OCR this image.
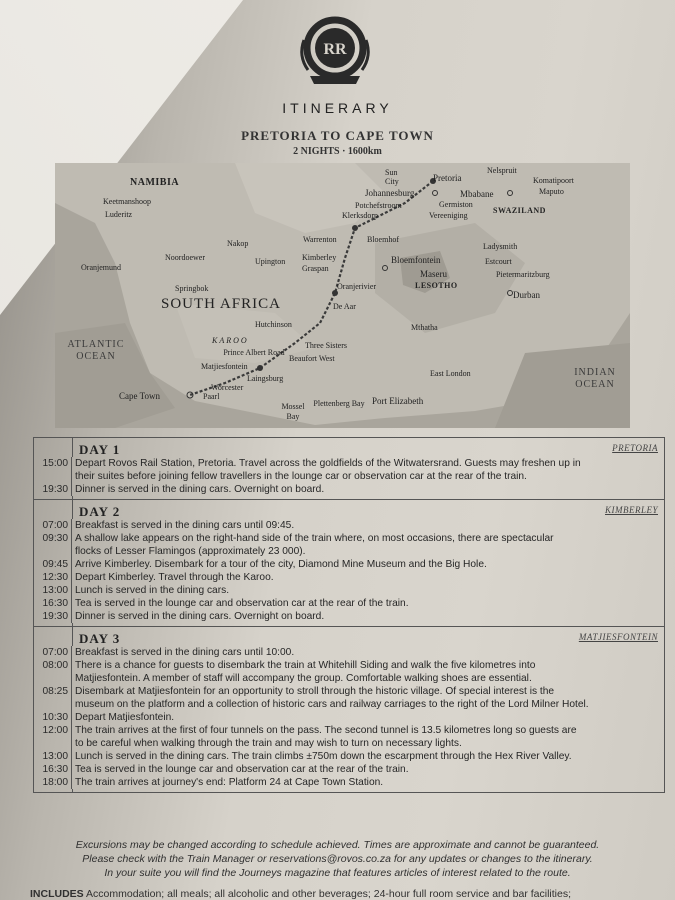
RR
ITINERARY
PRETORIA TO CAPE TOWN
2 NIGHTS · 1600km
NAMIBIA
Keetmanshoop
Luderitz
Oranjemund
Noordoewer
Nakop
Upington
Springbok
SOUTH AFRICA
Sun City	Pretoria
Johannesburg
Potchefstroom
Klerksdorp
Germiston
Vereeniging
Nelspruit
Komatipoort
Mbabane	Maputo
SWAZILAND
Warrenton	Bloemhof
Kimberley
Graspan
Bloemfontein
Maseru
LESOTHO
Ladysmith
Estcourt
Pietermaritzburg
Durban
Oranjerivier
De Aar
Hutchinson
KAROO
Three Sisters
Prince Albert Road
Beaufort West
Matjiesfontein
Laingsburg
Worcester
Paarl
Cape Town
Mossel Bay
Plettenberg Bay Port Elizabeth
East London
Mthatha
ATLANTIC OCEAN
INDIAN OCEAN
DAY 1	PRETORIA
15:00 Depart Rovos Rail Station, Pretoria. Travel across the goldfields of the Witwatersrand. Guests may freshen up in
their suites before joining fellow travellers in the lounge car or observation car at the rear of the train.
19:30 Dinner is served in the dining cars. Overnight on board.
DAY 2	KIMBERLEY
07:00 Breakfast is served in the dining cars until 09:45.
09:30 A shallow lake appears on the right-hand side of the train where, on most occasions, there are spectacular
flocks of Lesser Flamingos (approximately 23 000).
09:45 Arrive Kimberley. Disembark for a tour of the city, Diamond Mine Museum and the Big Hole.
12:30 Depart Kimberley. Travel through the Karoo.
13:00 Lunch is served in the dining cars.
16:30 Tea is served in the lounge car and observation car at the rear of the train.
19:30 Dinner is served in the dining cars. Overnight on board.
DAY 3	MATJIESFONTEIN
07:00 Breakfast is served in the dining cars until 10:00.
08:00 There is a chance for guests to disembark the train at Whitehill Siding and walk the five kilometres into
Matjiesfontein. A member of staff will accompany the group. Comfortable walking shoes are essential.
08:25 Disembark at Matjiesfontein for an opportunity to stroll through the historic village. Of special interest is the
museum on the platform and a collection of historic cars and railway carriages to the right of the Lord Milner Hotel.
10:30 Depart Matjiesfontein.
12:00 The train arrives at the first of four tunnels on the pass. The second tunnel is 13.5 kilometres long so guests are
to be careful when walking through the train and may wish to turn on necessary lights.
13:00 Lunch is served in the dining cars. The train climbs ±750m down the escarpment through the Hex River Valley.
16:30 Tea is served in the lounge car and observation car at the rear of the train.
18:00 The train arrives at journey's end: Platform 24 at Cape Town Station.
Excursions may be changed according to schedule achieved. Times are approximate and cannot be guaranteed.
Please check with the Train Manager or reservations@rovos.co.za for any updates or changes to the itinerary.
In your suite you will find the Journeys magazine that features articles of interest related to the route.
INCLUDES Accommodation; all meals; all alcoholic and other beverages; 24-hour full room service and bar facilities;
